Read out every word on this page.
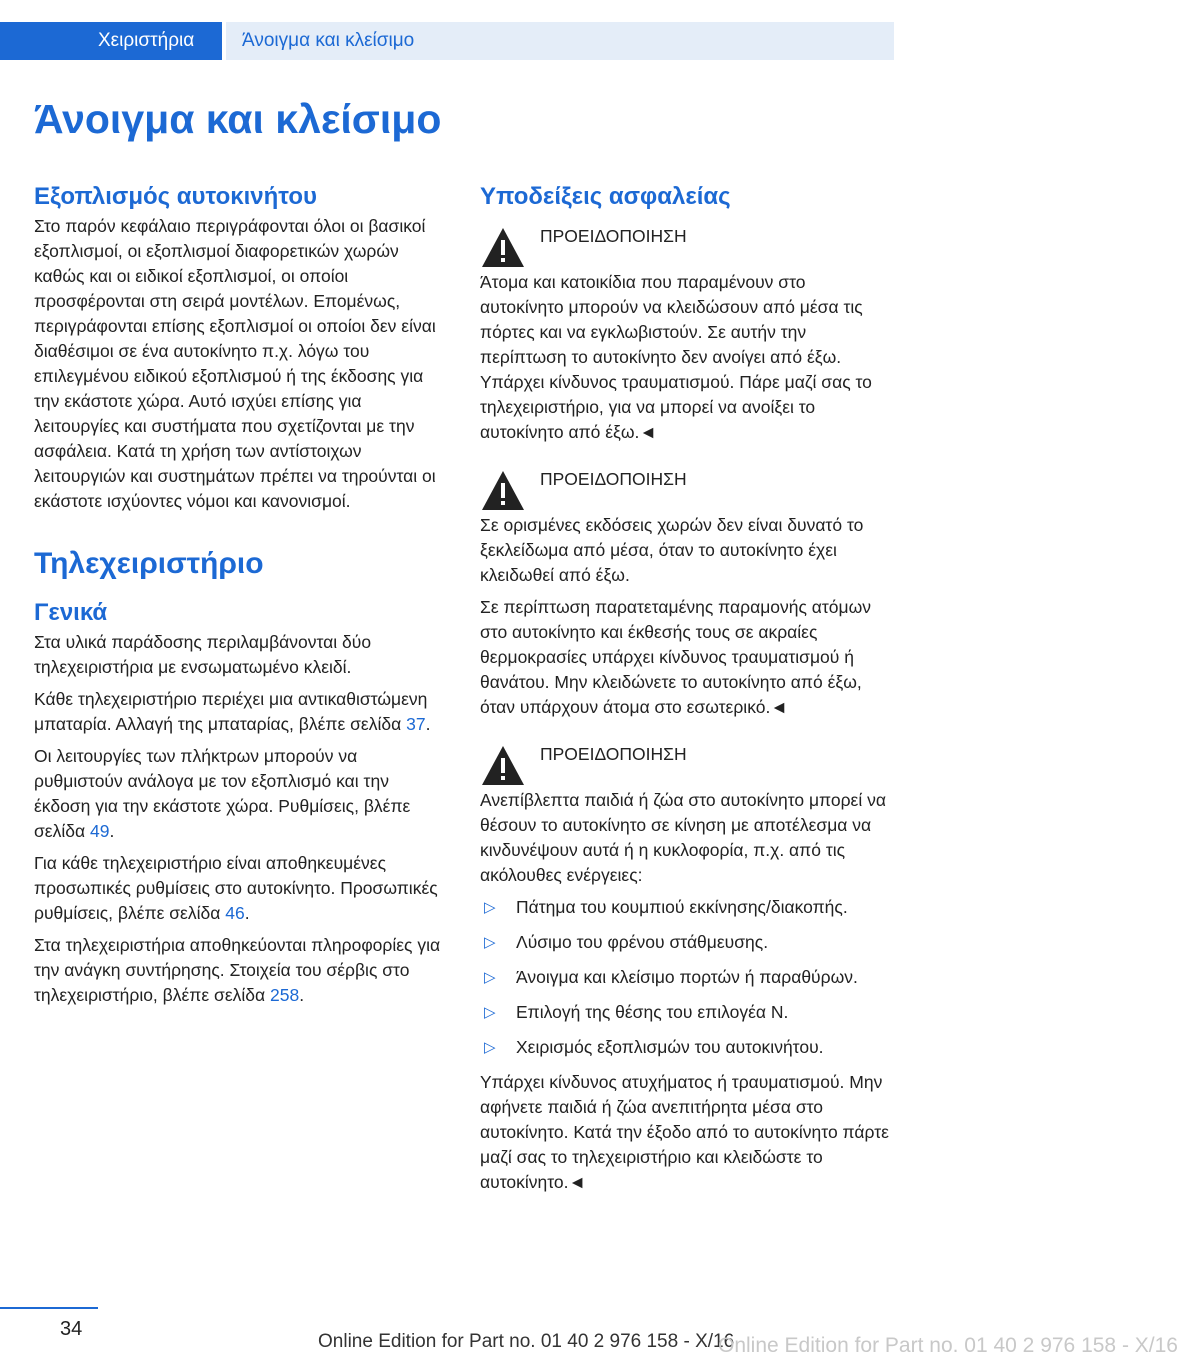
Χειριστήρια	Άνοιγμα και κλείσιμο
Άνοιγμα και κλείσιμο
Εξοπλισμός αυτοκινήτου

Στο παρόν κεφάλαιο περιγράφονται όλοι οι βασικοί εξοπλισμοί, οι εξοπλισμοί διαφορετικών χωρών καθώς και οι ειδικοί εξοπλισμοί, οι οποίοι προσφέρονται στη σειρά μοντέλων. Επομένως, περιγράφονται επίσης εξοπλισμοί οι οποίοι δεν είναι διαθέσιμοι σε ένα αυτοκίνητο π.χ. λόγω του επιλεγμένου ειδικού εξοπλισμού ή της έκδοσης για την εκάστοτε χώρα. Αυτό ισχύει επίσης για λειτουργίες και συστήματα που σχετίζονται με την ασφάλεια. Κατά τη χρήση των αντίστοιχων λειτουργιών και συστημάτων πρέπει να τηρούνται οι εκάστοτε ισχύοντες νόμοι και κανονισμοί.

Τηλεχειριστήριο
Γενικά

Στα υλικά παράδοσης περιλαμβάνονται δύο τηλεχειριστήρια με ενσωματωμένο κλειδί.

Κάθε τηλεχειριστήριο περιέχει μια αντικαθιστώμενη μπαταρία. Αλλαγή της μπαταρίας, βλέπε σελίδα 37.

Οι λειτουργίες των πλήκτρων μπορούν να ρυθμιστούν ανάλογα με τον εξοπλισμό και την έκδοση για την εκάστοτε χώρα. Ρυθμίσεις, βλέπε σελίδα 49.

Για κάθε τηλεχειριστήριο είναι αποθηκευμένες προσωπικές ρυθμίσεις στο αυτοκίνητο. Προσωπικές ρυθμίσεις, βλέπε σελίδα 46.

Στα τηλεχειριστήρια αποθηκεύονται πληροφορίες για την ανάγκη συντήρησης. Στοιχεία του σέρβις στο τηλεχειριστήριο, βλέπε σελίδα 258.

Υποδείξεις ασφαλείας
ΠΡΟΕΙΔΟΠΟΙΗΣΗ

Άτομα και κατοικίδια που παραμένουν στο αυτοκίνητο μπορούν να κλειδώσουν από μέσα τις πόρτες και να εγκλωβιστούν. Σε αυτήν την περίπτωση το αυτοκίνητο δεν ανοίγει από έξω. Υπάρχει κίνδυνος τραυματισμού. Πάρε μαζί σας το τηλεχειριστήριο, για να μπορεί να ανοίξει το αυτοκίνητο από έξω.◄

ΠΡΟΕΙΔΟΠΟΙΗΣΗ

Σε ορισμένες εκδόσεις χωρών δεν είναι δυνατό το ξεκλείδωμα από μέσα, όταν το αυτοκίνητο έχει κλειδωθεί από έξω.

Σε περίπτωση παρατεταμένης παραμονής ατόμων στο αυτοκίνητο και έκθεσής τους σε ακραίες θερμοκρασίες υπάρχει κίνδυνος τραυματισμού ή θανάτου. Μην κλειδώνετε το αυτοκίνητο από έξω, όταν υπάρχουν άτομα στο εσωτερικό.◄

ΠΡΟΕΙΔΟΠΟΙΗΣΗ

Ανεπίβλεπτα παιδιά ή ζώα στο αυτοκίνητο μπορεί να θέσουν το αυτοκίνητο σε κίνηση με αποτέλεσμα να κινδυνέψουν αυτά ή η κυκλοφορία, π.χ. από τις ακόλουθες ενέργειες:

▷	Πάτημα του κουμπιού εκκίνησης/διακοπής.
▷	Λύσιμο του φρένου στάθμευσης.
▷	Άνοιγμα και κλείσιμο πορτών ή παραθύρων.
▷	Επιλογή της θέσης του επιλογέα N.
▷	Χειρισμός εξοπλισμών του αυτοκινήτου.

Υπάρχει κίνδυνος ατυχήματος ή τραυματισμού. Μην αφήνετε παιδιά ή ζώα ανεπιτήρητα μέσα στο αυτοκίνητο. Κατά την έξοδο από το αυτοκίνητο πάρτε μαζί σας το τηλεχειριστήριο και κλειδώστε το αυτοκίνητο.◄

34
Online Edition for Part no. 01 40 2 976 158 - X/16
Online Edition for Part no. 01 40 2 976 158 - X/16
